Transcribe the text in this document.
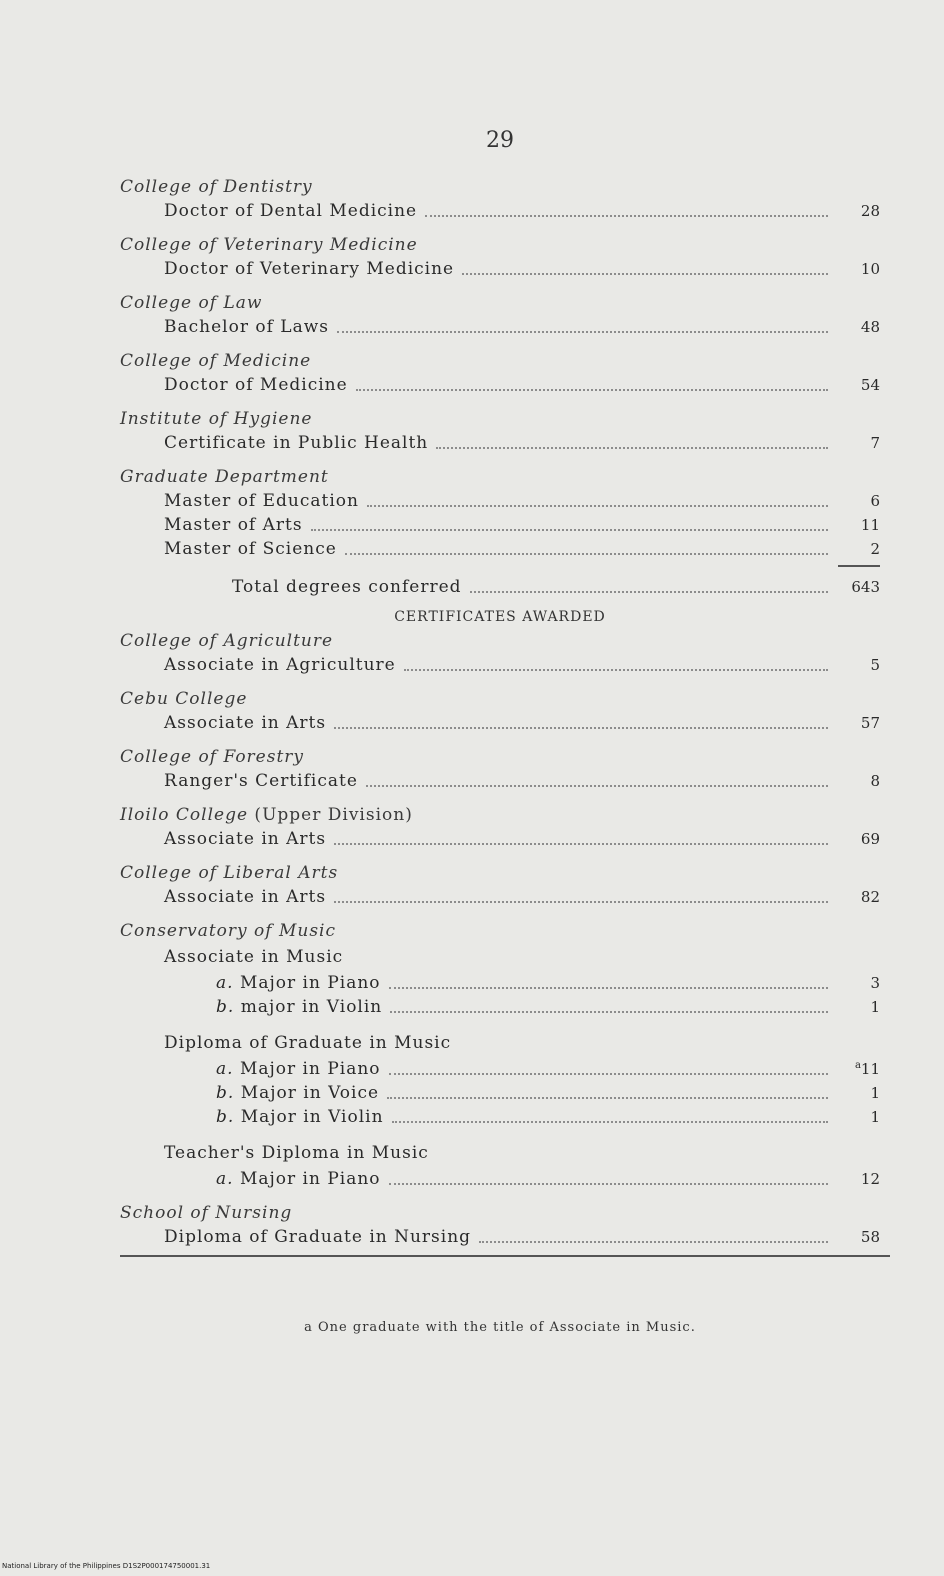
29
College of Dentistry
Doctor of Dental Medicine	28
College of Veterinary Medicine
Doctor of Veterinary Medicine	10
College of Law
Bachelor of Laws	48
College of Medicine
Doctor of Medicine	54
Institute of Hygiene
Certificate in Public Health	7
Graduate Department
Master of Education	6
Master of Arts	11
Master of Science	2
Total degrees conferred	643
CERTIFICATES AWARDED
College of Agriculture
Associate in Agriculture	5
Cebu College
Associate in Arts	57
College of Forestry
Ranger's Certificate	8
Iloilo College (Upper Division)
Associate in Arts	69
College of Liberal Arts
Associate in Arts	82
Conservatory of Music
Associate in Music
a. Major in Piano	3
b. major in Violin	1
Diploma of Graduate in Music
a. Major in Piano	$^a$11
b. Major in Voice	1
b. Major in Violin	1
Teacher's Diploma in Music
a. Major in Piano	12
School of Nursing
Diploma of Graduate in Nursing	58
a One graduate with the title of Associate in Music.
National Library of the Philippines D1S2P000174750001.31
